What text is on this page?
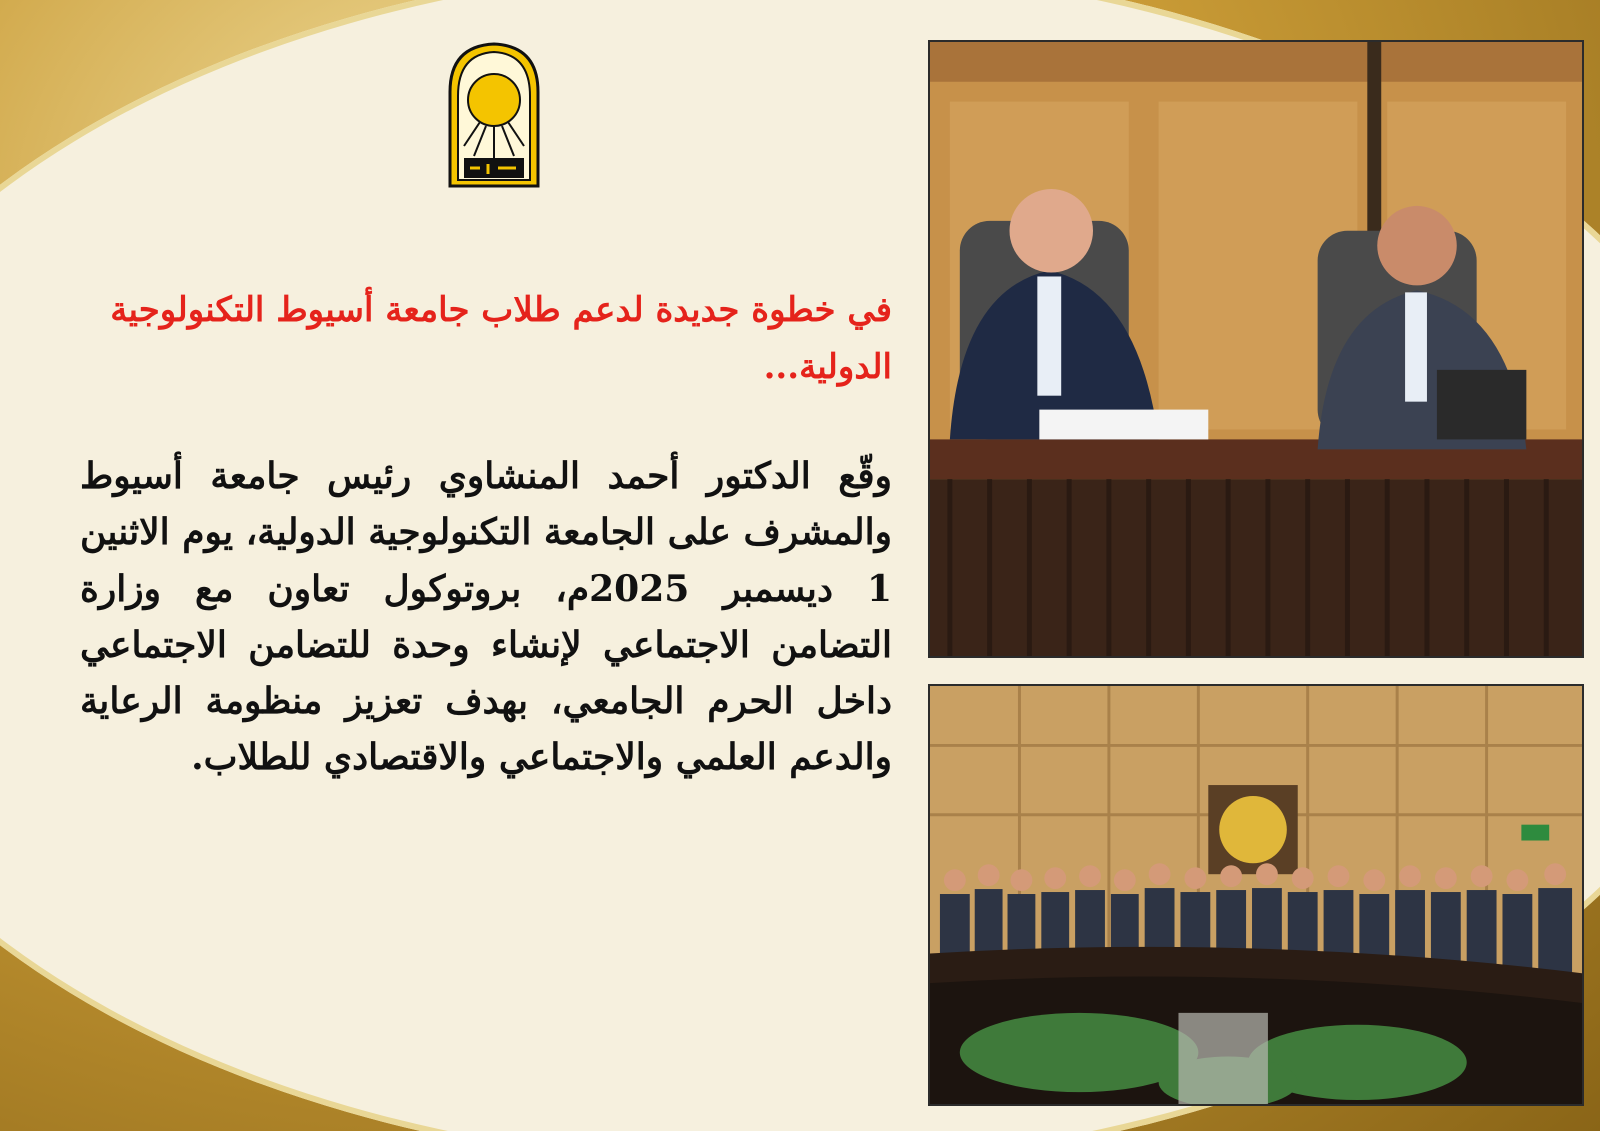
في خطوة جديدة لدعم طلاب جامعة أسيوط التكنولوجية الدولية...
وقّع الدكتور أحمد المنشاوي رئيس جامعة أسيوط والمشرف على الجامعة التكنولوجية الدولية، يوم الاثنين 1 ديسمبر 2025م، بروتوكول تعاون مع وزارة التضامن الاجتماعي لإنشاء وحدة للتضامن الاجتماعي داخل الحرم الجامعي، بهدف تعزيز منظومة الرعاية والدعم العلمي والاجتماعي والاقتصادي للطلاب.
